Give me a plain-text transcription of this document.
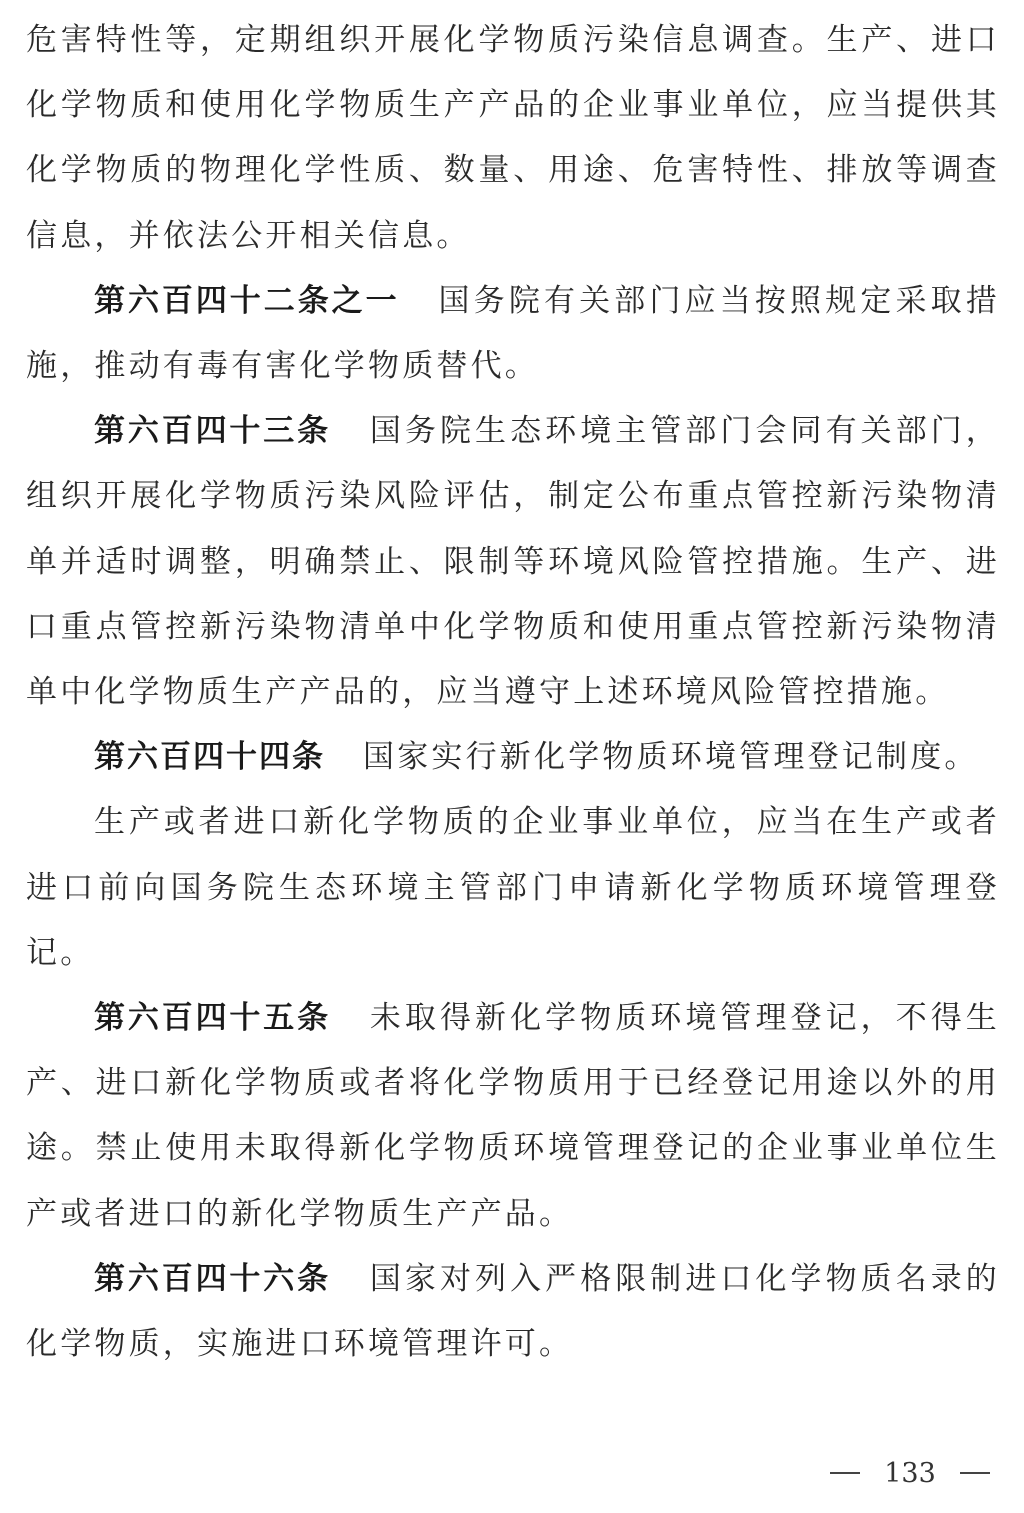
危害特性等，定期组织开展化学物质污染信息调查。生产、进口化学物质和使用化学物质生产产品的企业事业单位，应当提供其化学物质的物理化学性质、数量、用途、危害特性、排放等调查信息，并依法公开相关信息。

第六百四十二条之一 国务院有关部门应当按照规定采取措施，推动有毒有害化学物质替代。

第六百四十三条 国务院生态环境主管部门会同有关部门，组织开展化学物质污染风险评估，制定公布重点管控新污染物清单并适时调整，明确禁止、限制等环境风险管控措施。生产、进口重点管控新污染物清单中化学物质和使用重点管控新污染物清单中化学物质生产产品的，应当遵守上述环境风险管控措施。

第六百四十四条 国家实行新化学物质环境管理登记制度。

生产或者进口新化学物质的企业事业单位，应当在生产或者进口前向国务院生态环境主管部门申请新化学物质环境管理登记。

第六百四十五条 未取得新化学物质环境管理登记，不得生产、进口新化学物质或者将化学物质用于已经登记用途以外的用途。禁止使用未取得新化学物质环境管理登记的企业事业单位生产或者进口的新化学物质生产产品。

第六百四十六条 国家对列入严格限制进口化学物质名录的化学物质，实施进口环境管理许可。

133
